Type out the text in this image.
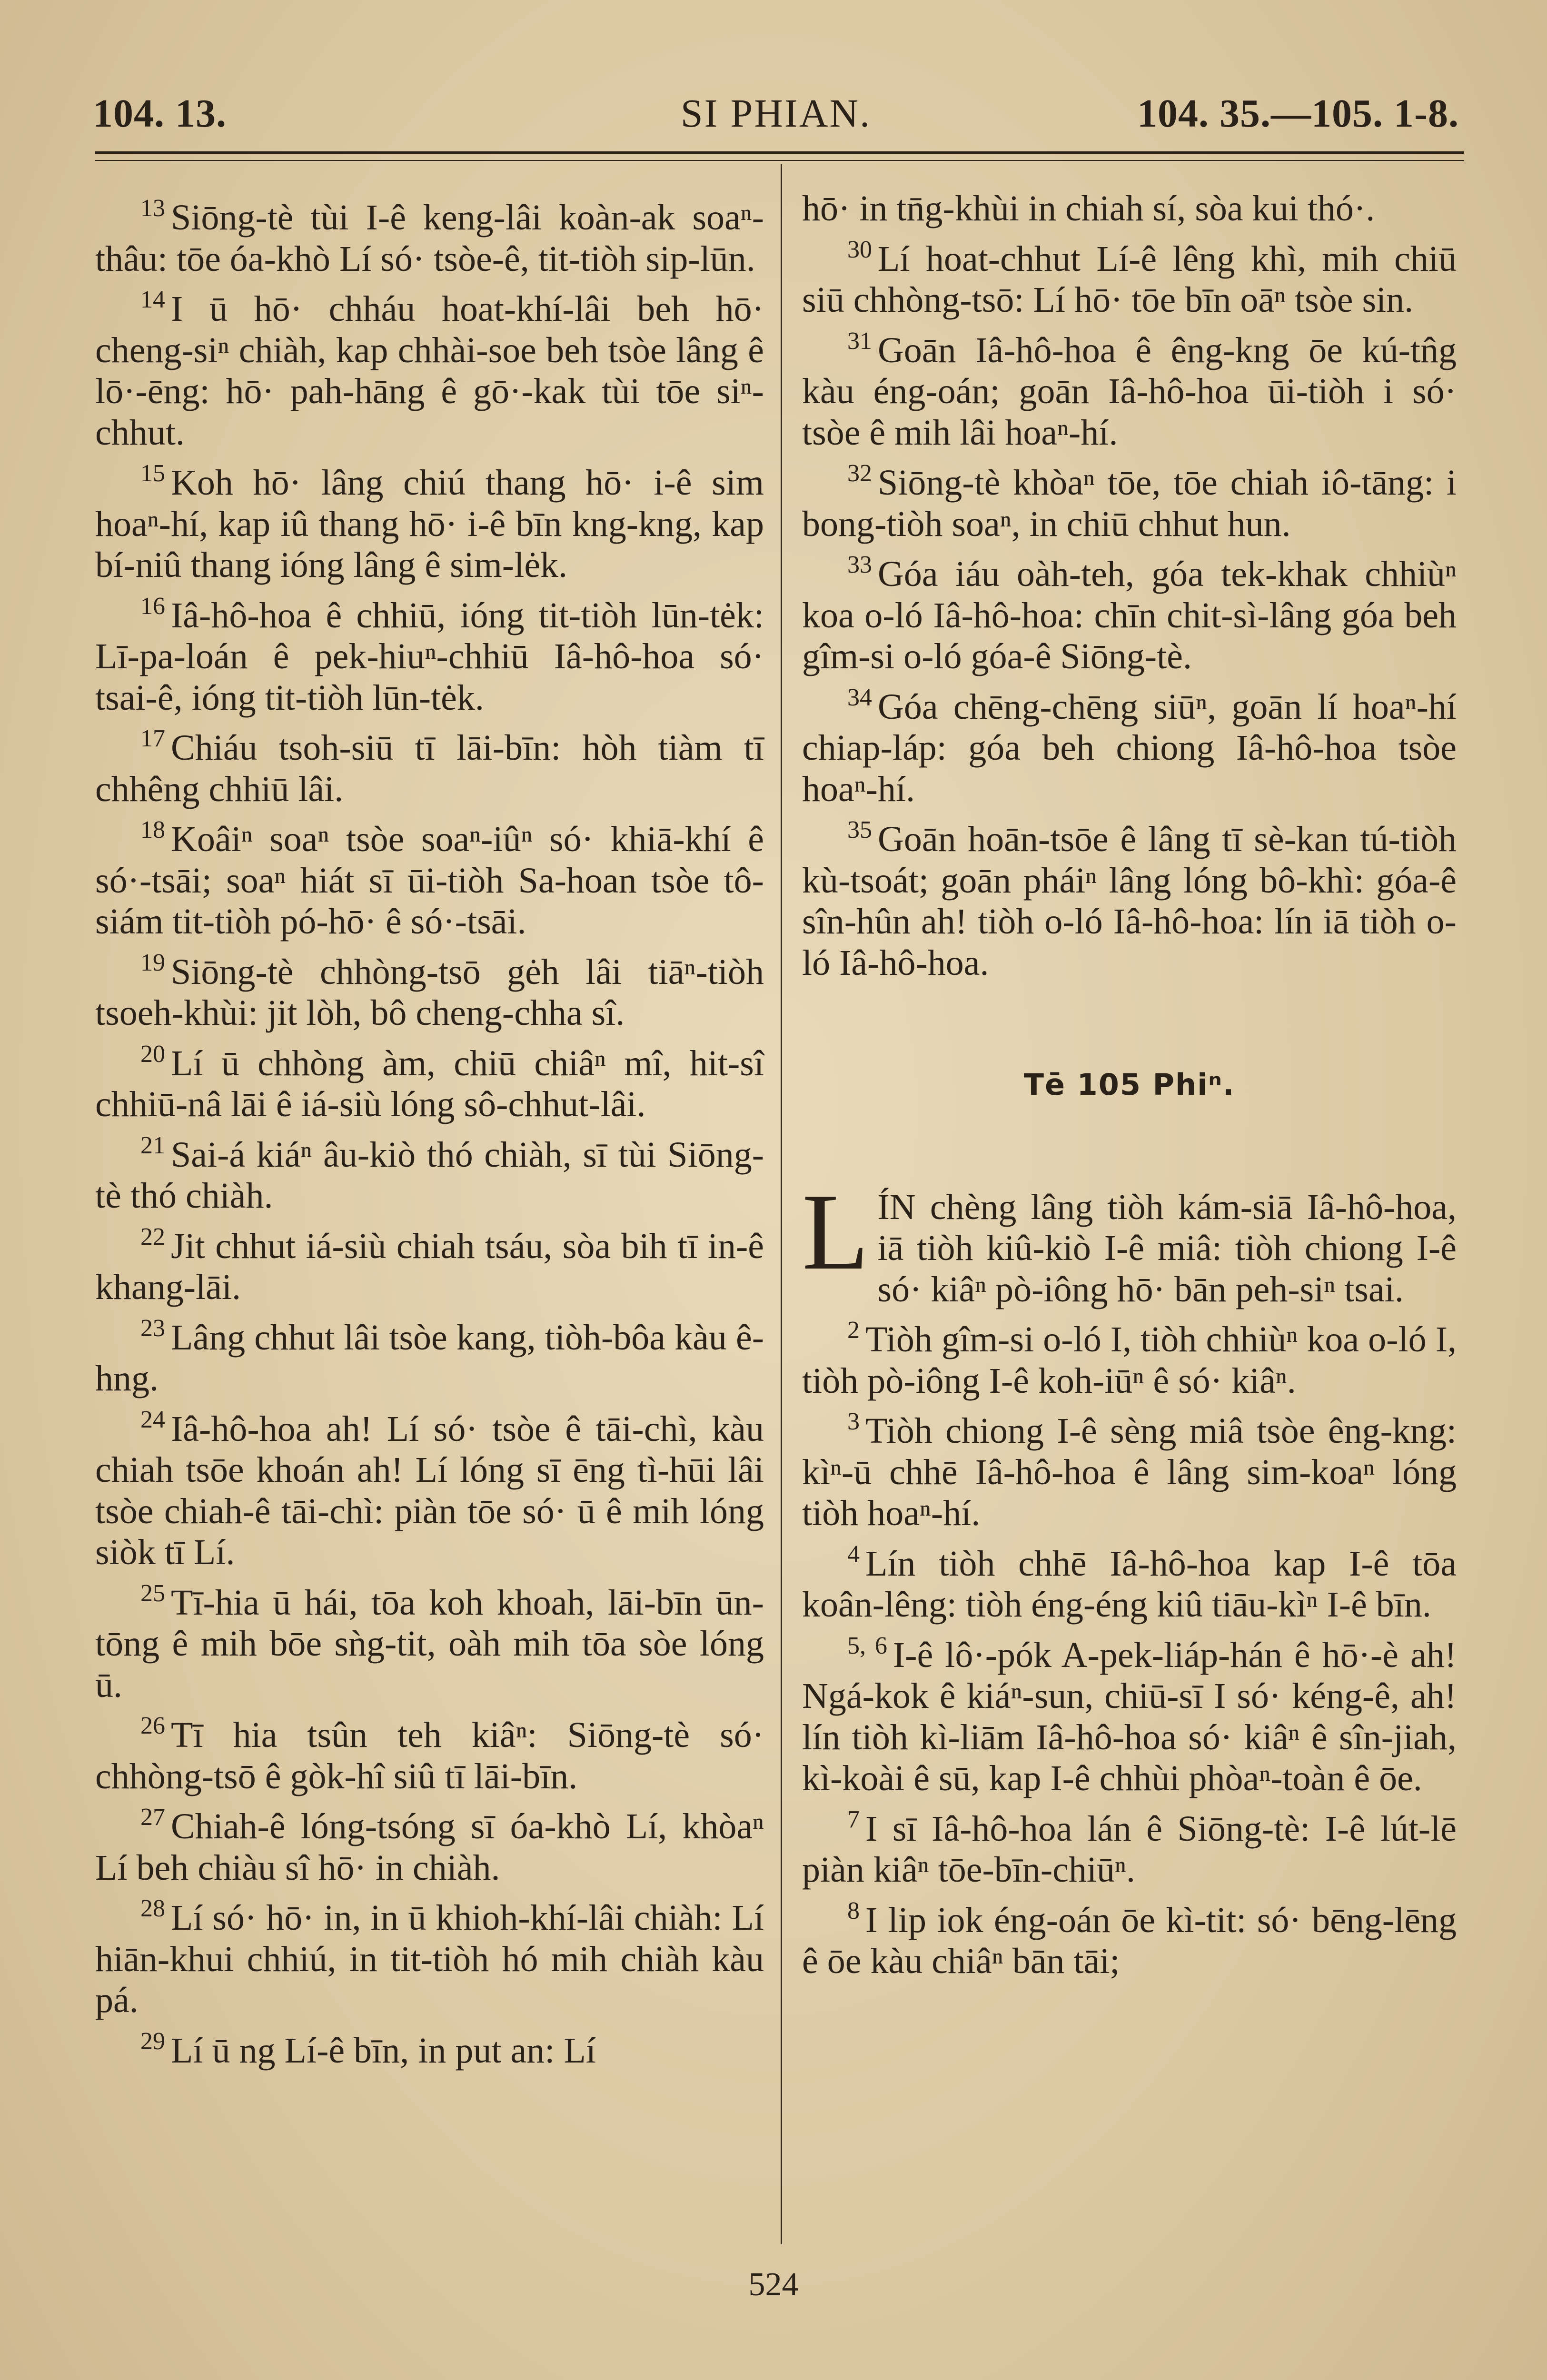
104. 13.	SI PHIAN.	104. 35.—105. 1-8.

$^{13}$ Siōng-tè tùi I-ê keng-lâi koàn-ak soaⁿ-thâu: tōe óa-khò Lí só· tsòe-ê, tit-tiòh sip-lūn.

$^{14}$ I ū hō· chháu hoat-khí-lâi beh hō· cheng-siⁿ chiàh, kap chhài-soe beh tsòe lâng ê lō·-ēng: hō· pah-hāng ê gō·-kak tùi tōe siⁿ-chhut.

$^{15}$ Koh hō· lâng chiú thang hō· i-ê sim hoaⁿ-hí, kap iû thang hō· i-ê bīn kng-kng, kap bí-niû thang ióng lâng ê sim-lėk.

$^{16}$ Iâ-hô-hoa ê chhiū, ióng tit-tiòh lūn-tėk: Lī-pa-loán ê pek-hiuⁿ-chhiū Iâ-hô-hoa só· tsai-ê, ióng tit-tiòh lūn-tėk.

$^{17}$ Chiáu tsoh-siū tī lāi-bīn: hòh tiàm tī chhêng chhiū lâi.

$^{18}$ Koâiⁿ soaⁿ tsòe soaⁿ-iûⁿ só· khiā-khí ê só·-tsāi; soaⁿ hiát sī ūi-tiòh Sa-hoan tsòe tô-siám tit-tiòh pó-hō· ê só·-tsāi.

$^{19}$ Siōng-tè chhòng-tsō gėh lâi tiāⁿ-tiòh tsoeh-khùi: jit lòh, bô cheng-chha sî.

$^{20}$ Lí ū chhòng àm, chiū chiâⁿ mî, hit-sî chhiū-nâ lāi ê iá-siù lóng sô-chhut-lâi.

$^{21}$ Sai-á kiáⁿ âu-kiò thó chiàh, sī tùi Siōng-tè thó chiàh.

$^{22}$ Jit chhut iá-siù chiah tsáu, sòa bih tī in-ê khang-lāi.

$^{23}$ Lâng chhut lâi tsòe kang, tiòh-bôa kàu ê-hng.

$^{24}$ Iâ-hô-hoa ah! Lí só· tsòe ê tāi-chì, kàu chiah tsōe khoán ah! Lí lóng sī ēng tì-hūi lâi tsòe chiah-ê tāi-chì: piàn tōe só· ū ê mih lóng siòk tī Lí.

$^{25}$ Tī-hia ū hái, tōa koh khoah, lāi-bīn ūn-tōng ê mih bōe sǹg-tit, oàh mih tōa sòe lóng ū.

$^{26}$ Tī hia tsûn teh kiâⁿ: Siōng-tè só· chhòng-tsō ê gòk-hî siû tī lāi-bīn.

$^{27}$ Chiah-ê lóng-tsóng sī óa-khò Lí, khòaⁿ Lí beh chiàu sî hō· in chiàh.

$^{28}$ Lí só· hō· in, in ū khioh-khí-lâi chiàh: Lí hiān-khui chhiú, in tit-tiòh hó mih chiàh kàu pá.

$^{29}$ Lí ū ng Lí-ê bīn, in put an: Lí

hō· in tn̄g-khùi in chiah sí, sòa kui thó·.

$^{30}$ Lí hoat-chhut Lí-ê lêng khì, mih chiū siū chhòng-tsō: Lí hō· tōe bīn oāⁿ tsòe sin.

$^{31}$ Goān Iâ-hô-hoa ê êng-kng ōe kú-tn̂g kàu éng-oán; goān Iâ-hô-hoa ūi-tiòh i só· tsòe ê mih lâi hoaⁿ-hí.

$^{32}$ Siōng-tè khòaⁿ tōe, tōe chiah iô-tāng: i bong-tiòh soaⁿ, in chiū chhut hun.

$^{33}$ Góa iáu oàh-teh, góa tek-khak chhiùⁿ koa o-ló Iâ-hô-hoa: chīn chit-sì-lâng góa beh gîm-si o-ló góa-ê Siōng-tè.

$^{34}$ Góa chēng-chēng siūⁿ, goān lí hoaⁿ-hí chiap-láp: góa beh chiong Iâ-hô-hoa tsòe hoaⁿ-hí.

$^{35}$ Goān hoān-tsōe ê lâng tī sè-kan tú-tiòh kù-tsoát; goān pháiⁿ lâng lóng bô-khì: góa-ê sîn-hûn ah! tiòh o-ló Iâ-hô-hoa: lín iā tiòh o-ló Iâ-hô-hoa.

Tē 105 Phiⁿ.
L ÍN chèng lâng tiòh kám-siā Iâ-hô-hoa, iā tiòh kiû-kiò I-ê miâ: tiòh chiong I-ê só· kiâⁿ pò-iông hō· bān peh-siⁿ tsai.

$^2$ Tiòh gîm-si o-ló I, tiòh chhiùⁿ koa o-ló I, tiòh pò-iông I-ê koh-iūⁿ ê só· kiâⁿ.

$^3$ Tiòh chiong I-ê sèng miâ tsòe êng-kng: kìⁿ-ū chhē Iâ-hô-hoa ê lâng sim-koaⁿ lóng tiòh hoaⁿ-hí.

$^4$ Lín tiòh chhē Iâ-hô-hoa kap I-ê tōa koân-lêng: tiòh éng-éng kiû tiāu-kìⁿ I-ê bīn.

$^{5, 6}$ I-ê lô·-pók A-pek-liáp-hán ê hō·-è ah! Ngá-kok ê kiáⁿ-sun, chiū-sī I só· kéng-ê, ah! lín tiòh kì-liām Iâ-hô-hoa só· kiâⁿ ê sîn-jiah, kì-koài ê sū, kap I-ê chhùi phòaⁿ-toàn ê ōe.

$^7$ I sī Iâ-hô-hoa lán ê Siōng-tè: I-ê lút-lē piàn kiâⁿ tōe-bīn-chiūⁿ.

$^8$ I lip iok éng-oán ōe kì-tit: só· bēng-lēng ê ōe kàu chiâⁿ bān tāi;

524
